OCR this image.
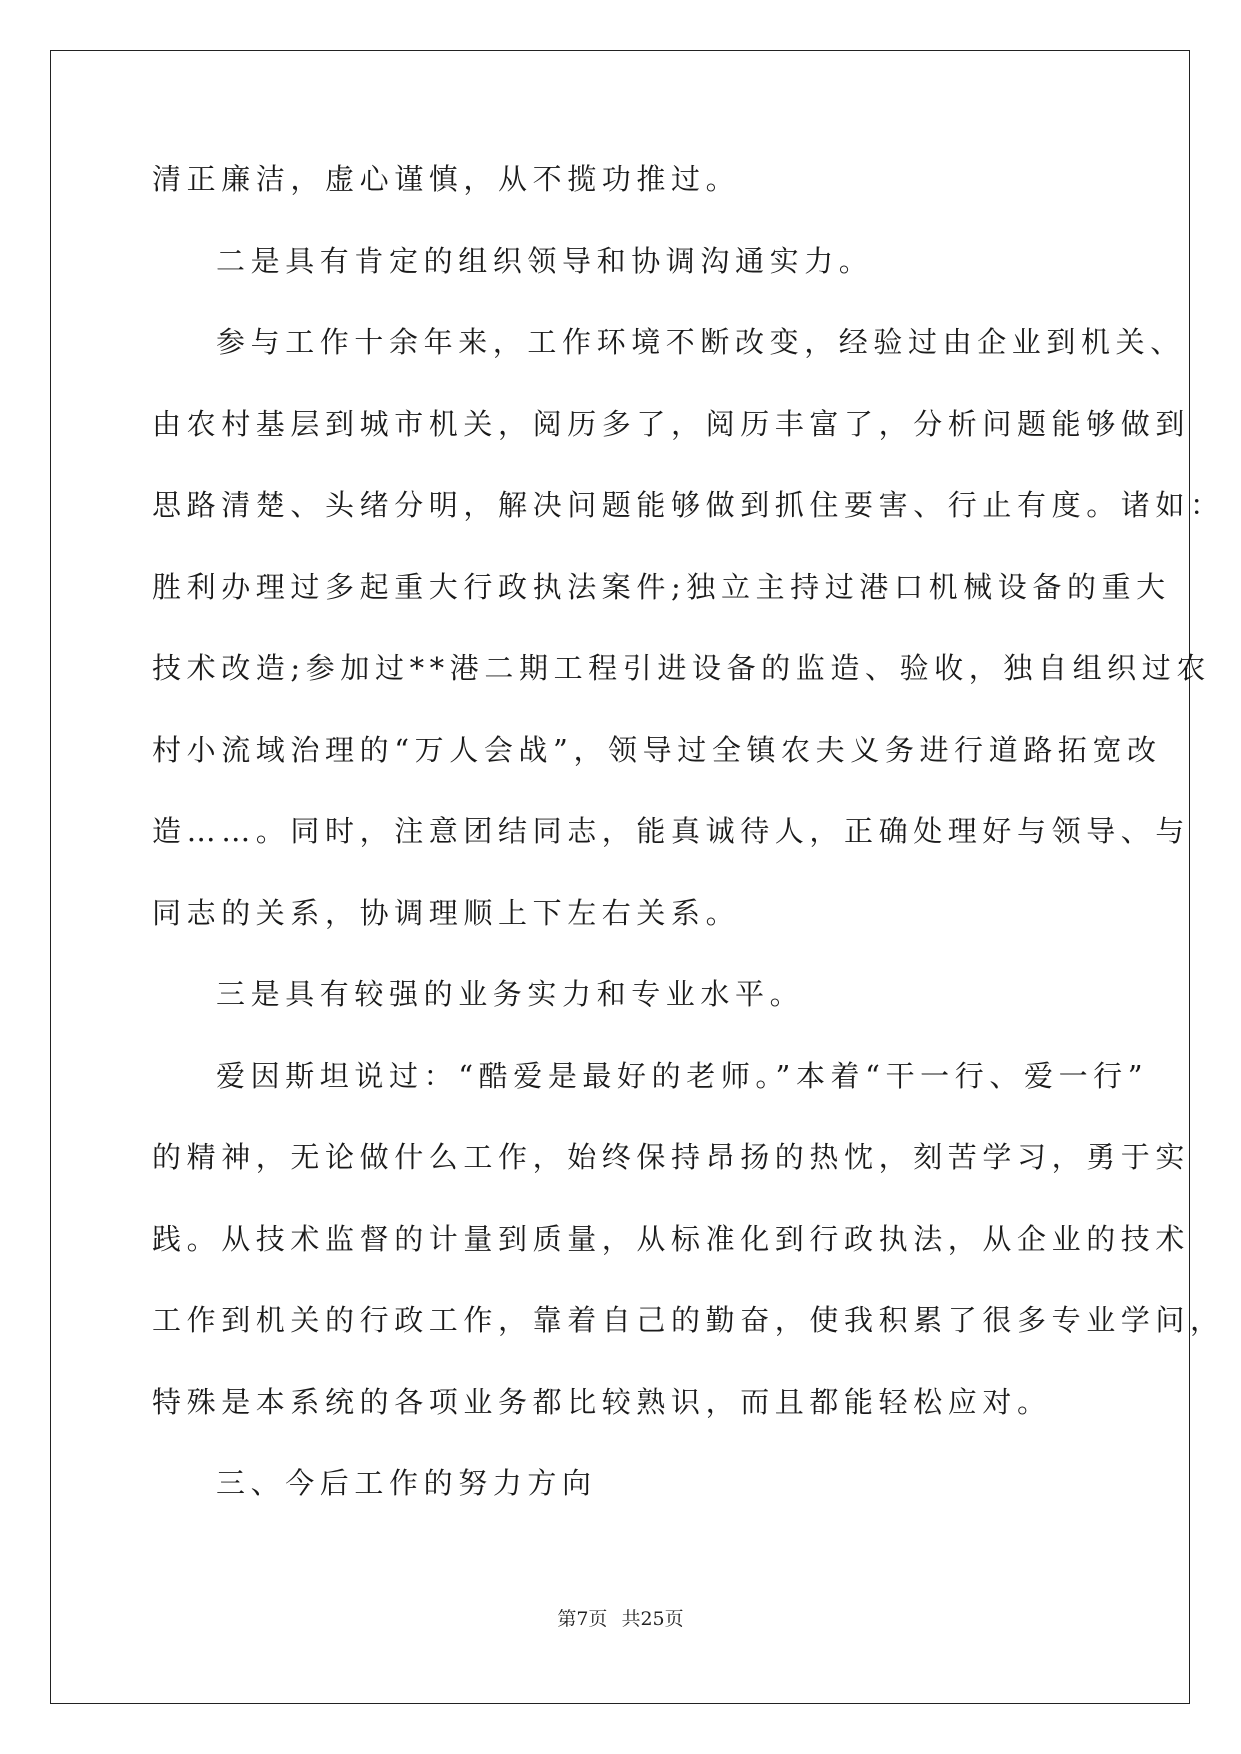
清正廉洁，虚心谨慎，从不揽功推过。
二是具有肯定的组织领导和协调沟通实力。
参与工作十余年来，工作环境不断改变，经验过由企业到机关、
由农村基层到城市机关，阅历多了，阅历丰富了，分析问题能够做到
思路清楚、头绪分明，解决问题能够做到抓住要害、行止有度。诸如：
胜利办理过多起重大行政执法案件;独立主持过港口机械设备的重大
技术改造;参加过**港二期工程引进设备的监造、验收，独自组织过农
村小流域治理的“万人会战”，领导过全镇农夫义务进行道路拓宽改
造……。同时，注意团结同志，能真诚待人，正确处理好与领导、与
同志的关系，协调理顺上下左右关系。
三是具有较强的业务实力和专业水平。
爱因斯坦说过：“酷爱是最好的老师。”本着“干一行、爱一行”
的精神，无论做什么工作，始终保持昂扬的热忱，刻苦学习，勇于实
践。从技术监督的计量到质量，从标准化到行政执法，从企业的技术
工作到机关的行政工作，靠着自己的勤奋，使我积累了很多专业学问，
特殊是本系统的各项业务都比较熟识，而且都能轻松应对。
三、今后工作的努力方向
第7页 共25页
